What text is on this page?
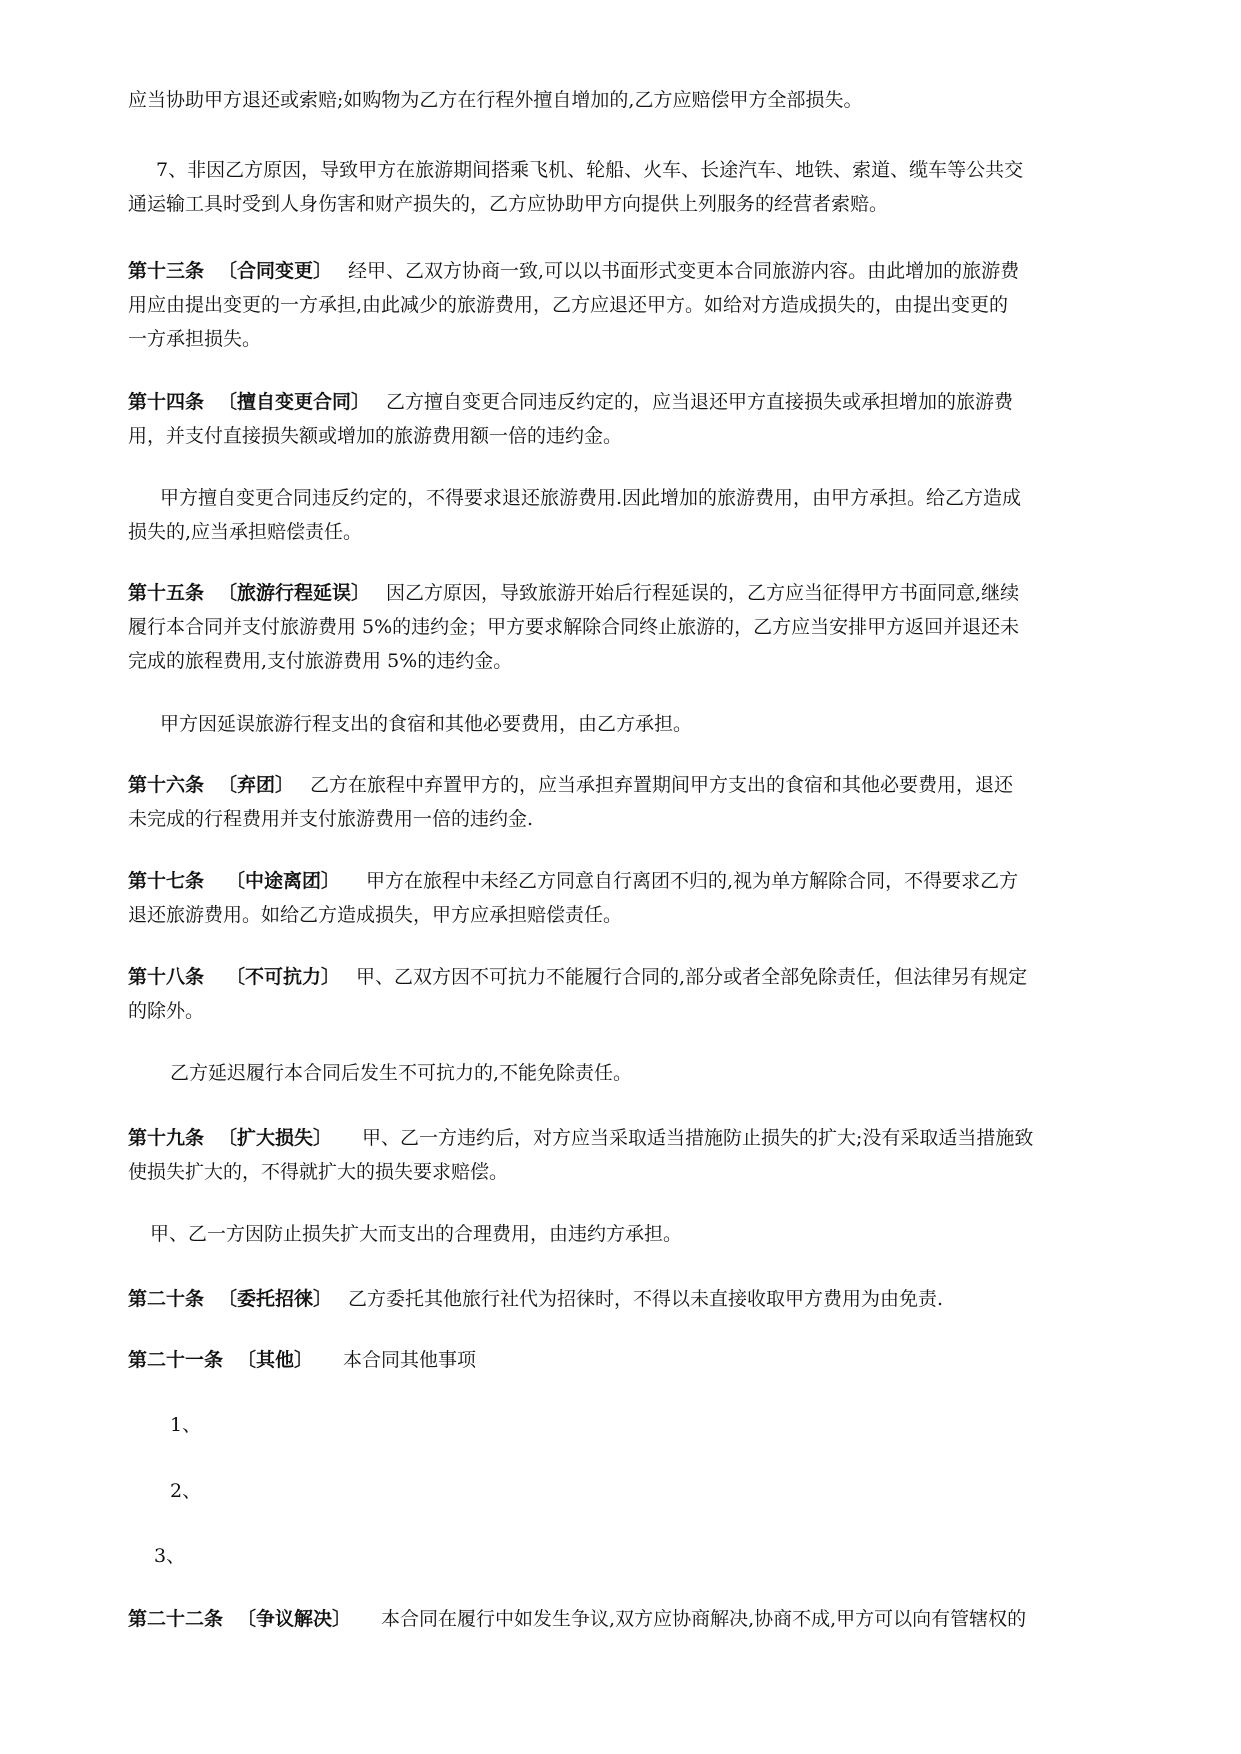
应当协助甲方退还或索赔;如购物为乙方在行程外擅自增加的,乙方应赔偿甲方全部损失。
7、非因乙方原因，导致甲方在旅游期间搭乘飞机、轮船、火车、长途汽车、地铁、索道、缆车等公共交
通运输工具时受到人身伤害和财产损失的，乙方应协助甲方向提供上列服务的经营者索赔。
第十三条 〔合同变更〕 经甲、乙双方协商一致,可以以书面形式变更本合同旅游内容。由此增加的旅游费
用应由提出变更的一方承担,由此减少的旅游费用，乙方应退还甲方。如给对方造成损失的，由提出变更的
一方承担损失。
第十四条 〔擅自变更合同〕 乙方擅自变更合同违反约定的，应当退还甲方直接损失或承担增加的旅游费
用，并支付直接损失额或增加的旅游费用额一倍的违约金。
甲方擅自变更合同违反约定的，不得要求退还旅游费用.因此增加的旅游费用，由甲方承担。给乙方造成
损失的,应当承担赔偿责任。
第十五条 〔旅游行程延误〕 因乙方原因，导致旅游开始后行程延误的，乙方应当征得甲方书面同意,继续
履行本合同并支付旅游费用 5%的违约金；甲方要求解除合同终止旅游的，乙方应当安排甲方返回并退还未
完成的旅程费用,支付旅游费用 5%的违约金。
甲方因延误旅游行程支出的食宿和其他必要费用，由乙方承担。
第十六条 〔弃团〕 乙方在旅程中弃置甲方的，应当承担弃置期间甲方支出的食宿和其他必要费用，退还
未完成的行程费用并支付旅游费用一倍的违约金.
第十七条 〔中途离团〕 甲方在旅程中未经乙方同意自行离团不归的,视为单方解除合同，不得要求乙方
退还旅游费用。如给乙方造成损失，甲方应承担赔偿责任。
第十八条 〔不可抗力〕 甲、乙双方因不可抗力不能履行合同的,部分或者全部免除责任，但法律另有规定
的除外。
乙方延迟履行本合同后发生不可抗力的,不能免除责任。
第十九条 〔扩大损失〕 甲、乙一方违约后，对方应当采取适当措施防止损失的扩大;没有采取适当措施致
使损失扩大的，不得就扩大的损失要求赔偿。
甲、乙一方因防止损失扩大而支出的合理费用，由违约方承担。
第二十条 〔委托招徕〕 乙方委托其他旅行社代为招徕时，不得以未直接收取甲方费用为由免责.
第二十一条 〔其他〕 本合同其他事项
1、
2、
3、
第二十二条 〔争议解决〕 本合同在履行中如发生争议,双方应协商解决,协商不成,甲方可以向有管辖权的
